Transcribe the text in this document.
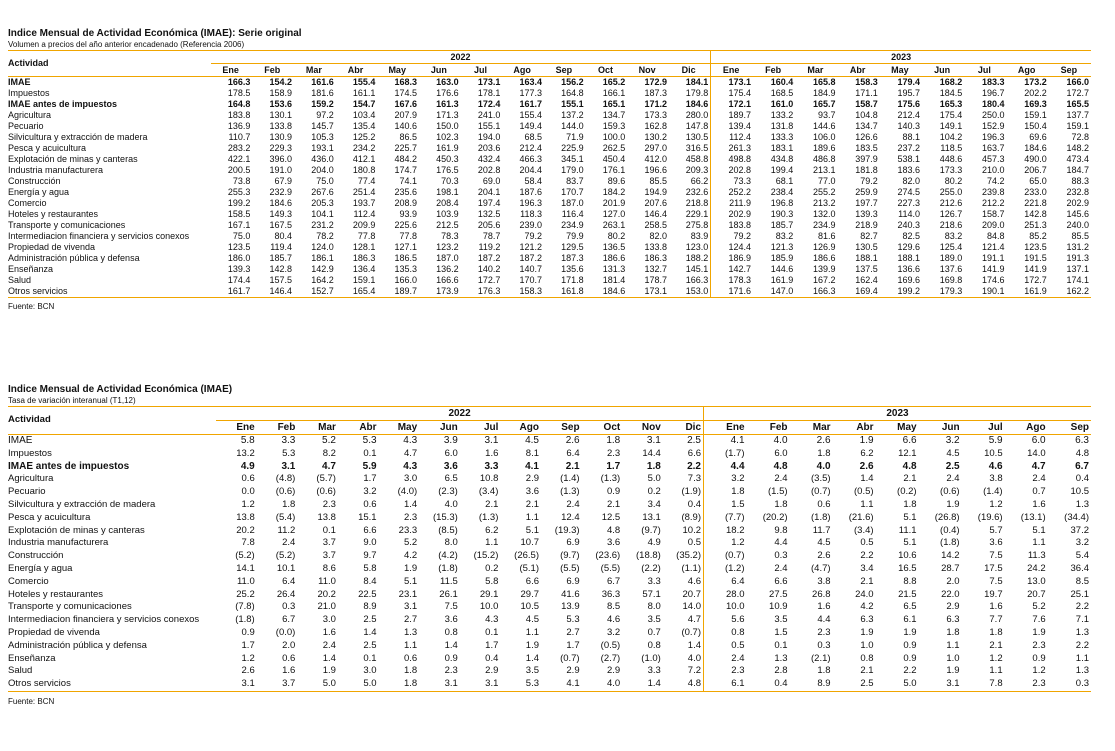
Indice Mensual de Actividad Económica (IMAE): Serie original
Volumen a precios del año anterior encadenado (Referencia 2006)
Actividad	2022												2023								
	Ene	Feb	Mar	Abr	May	Jun	Jul	Ago	Sep	Oct	Nov	Dic	Ene	Feb	Mar	Abr	May	Jun	Jul	Ago	Sep
IMAE	166.3	154.2	161.6	155.4	168.3	163.0	173.1	163.4	156.2	165.2	172.9	184.1	173.1	160.4	165.8	158.3	179.4	168.2	183.3	173.2	166.0
Impuestos	178.5	158.9	181.6	161.1	174.5	176.6	178.1	177.3	164.8	166.1	187.3	179.8	175.4	168.5	184.9	171.1	195.7	184.5	196.7	202.2	172.7
IMAE antes de impuestos	164.8	153.6	159.2	154.7	167.6	161.3	172.4	161.7	155.1	165.1	171.2	184.6	172.1	161.0	165.7	158.7	175.6	165.3	180.4	169.3	165.5
Agricultura	183.8	130.1	97.2	103.4	207.9	171.3	241.0	155.4	137.2	134.7	173.3	280.0	189.7	133.2	93.7	104.8	212.4	175.4	250.0	159.1	137.7
Pecuario	136.9	133.8	145.7	135.4	140.6	150.0	155.1	149.4	144.0	159.3	162.8	147.8	139.4	131.8	144.6	134.7	140.3	149.1	152.9	150.4	159.1
Silvicultura y extracción de madera	110.7	130.9	105.3	125.2	86.5	102.3	194.0	68.5	71.9	100.0	130.2	130.5	112.4	133.3	106.0	126.6	88.1	104.2	196.3	69.6	72.8
Pesca y acuicultura	283.2	229.3	193.1	234.2	225.7	161.9	203.6	212.4	225.9	262.5	297.0	316.5	261.3	183.1	189.6	183.5	237.2	118.5	163.7	184.6	148.2
Explotación de minas y canteras	422.1	396.0	436.0	412.1	484.2	450.3	432.4	466.3	345.1	450.4	412.0	458.8	498.8	434.8	486.8	397.9	538.1	448.6	457.3	490.0	473.4
Industria manufacturera	200.5	191.0	204.0	180.8	174.7	176.5	202.8	204.4	179.0	176.1	196.6	209.3	202.8	199.4	213.1	181.8	183.6	173.3	210.0	206.7	184.7
Construcción	73.8	67.9	75.0	77.4	74.1	70.3	69.0	58.4	83.7	89.6	85.5	66.2	73.3	68.1	77.0	79.2	82.0	80.2	74.2	65.0	88.3
Energía y agua	255.3	232.9	267.6	251.4	235.6	198.1	204.1	187.6	170.7	184.2	194.9	232.6	252.2	238.4	255.2	259.9	274.5	255.0	239.8	233.0	232.8
Comercio	199.2	184.6	205.3	193.7	208.9	208.4	197.4	196.3	187.0	201.9	207.6	218.8	211.9	196.8	213.2	197.7	227.3	212.6	212.2	221.8	202.9
Hoteles y restaurantes	158.5	149.3	104.1	112.4	93.9	103.9	132.5	118.3	116.4	127.0	146.4	229.1	202.9	190.3	132.0	139.3	114.0	126.7	158.7	142.8	145.6
Transporte y comunicaciones	167.1	167.5	231.2	209.9	225.6	212.5	205.6	239.0	234.9	263.1	258.5	275.8	183.8	185.7	234.9	218.9	240.3	218.6	209.0	251.3	240.0
Intermediacion financiera y servicios conexos	75.0	80.4	78.2	77.8	77.8	78.3	78.7	79.2	79.9	80.2	82.0	83.9	79.2	83.2	81.6	82.7	82.5	83.2	84.8	85.2	85.5
Propiedad de vivenda	123.5	119.4	124.0	128.1	127.1	123.2	119.2	121.2	129.5	136.5	133.8	123.0	124.4	121.3	126.9	130.5	129.6	125.4	121.4	123.5	131.2
Administración pública y defensa	186.0	185.7	186.1	186.3	186.5	187.0	187.2	187.2	187.3	186.6	186.3	188.2	186.9	185.9	186.6	188.1	188.1	189.0	191.1	191.5	191.3
Enseñanza	139.3	142.8	142.9	136.4	135.3	136.2	140.2	140.7	135.6	131.3	132.7	145.1	142.7	144.6	139.9	137.5	136.6	137.6	141.9	141.9	137.1
Salud	174.4	157.5	164.2	159.1	166.0	166.6	172.7	170.7	171.8	181.4	178.7	166.3	178.3	161.9	167.2	162.4	169.6	169.8	174.6	172.7	174.1
Otros servicios	161.7	146.4	152.7	165.4	189.7	173.9	176.3	158.3	161.8	184.6	173.1	153.0	171.6	147.0	166.3	169.4	199.2	179.3	190.1	161.9	162.2
Fuente: BCN
Indice Mensual de Actividad Económica (IMAE)
Tasa de variación interanual (T1,12)
Actividad	2022												2023								
	Ene	Feb	Mar	Abr	May	Jun	Jul	Ago	Sep	Oct	Nov	Dic	Ene	Feb	Mar	Abr	May	Jun	Jul	Ago	Sep
IMAE	5.8	3.3	5.2	5.3	4.3	3.9	3.1	4.5	2.6	1.8	3.1	2.5	4.1	4.0	2.6	1.9	6.6	3.2	5.9	6.0	6.3
Impuestos	13.2	5.3	8.2	0.1	4.7	6.0	1.6	8.1	6.4	2.3	14.4	6.6	(1.7)	6.0	1.8	6.2	12.1	4.5	10.5	14.0	4.8
IMAE antes de impuestos	4.9	3.1	4.7	5.9	4.3	3.6	3.3	4.1	2.1	1.7	1.8	2.2	4.4	4.8	4.0	2.6	4.8	2.5	4.6	4.7	6.7
Agricultura	0.6	(4.8)	(5.7)	1.7	3.0	6.5	10.8	2.9	(1.4)	(1.3)	5.0	7.3	3.2	2.4	(3.5)	1.4	2.1	2.4	3.8	2.4	0.4
Pecuario	0.0	(0.6)	(0.6)	3.2	(4.0)	(2.3)	(3.4)	3.6	(1.3)	0.9	0.2	(1.9)	1.8	(1.5)	(0.7)	(0.5)	(0.2)	(0.6)	(1.4)	0.7	10.5
Silvicultura y extracción de madera	1.2	1.8	2.3	0.6	1.4	4.0	2.1	2.1	2.4	2.1	3.4	0.4	1.5	1.8	0.6	1.1	1.8	1.9	1.2	1.6	1.3
Pesca y acuicultura	13.8	(5.4)	13.8	15.1	2.3	(15.3)	(1.3)	1.1	12.4	12.5	13.1	(8.9)	(7.7)	(20.2)	(1.8)	(21.6)	5.1	(26.8)	(19.6)	(13.1)	(34.4)
Explotación de minas y canteras	20.2	11.2	0.1	6.6	23.3	(8.5)	6.2	5.1	(19.3)	4.8	(9.7)	10.2	18.2	9.8	11.7	(3.4)	11.1	(0.4)	5.7	5.1	37.2
Industria manufacturera	7.8	2.4	3.7	9.0	5.2	8.0	1.1	10.7	6.9	3.6	4.9	0.5	1.2	4.4	4.5	0.5	5.1	(1.8)	3.6	1.1	3.2
Construcción	(5.2)	(5.2)	3.7	9.7	4.2	(4.2)	(15.2)	(26.5)	(9.7)	(23.6)	(18.8)	(35.2)	(0.7)	0.3	2.6	2.2	10.6	14.2	7.5	11.3	5.4
Energía y agua	14.1	10.1	8.6	5.8	1.9	(1.8)	0.2	(5.1)	(5.5)	(5.5)	(2.2)	(1.1)	(1.2)	2.4	(4.7)	3.4	16.5	28.7	17.5	24.2	36.4
Comercio	11.0	6.4	11.0	8.4	5.1	11.5	5.8	6.6	6.9	6.7	3.3	4.6	6.4	6.6	3.8	2.1	8.8	2.0	7.5	13.0	8.5
Hoteles y restaurantes	25.2	26.4	20.2	22.5	23.1	26.1	29.1	29.7	41.6	36.3	57.1	20.7	28.0	27.5	26.8	24.0	21.5	22.0	19.7	20.7	25.1
Transporte y comunicaciones	(7.8)	0.3	21.0	8.9	3.1	7.5	10.0	10.5	13.9	8.5	8.0	14.0	10.0	10.9	1.6	4.2	6.5	2.9	1.6	5.2	2.2
Intermediacion financiera y servicios conexos	(1.8)	6.7	3.0	2.5	2.7	3.6	4.3	4.5	5.3	4.6	3.5	4.7	5.6	3.5	4.4	6.3	6.1	6.3	7.7	7.6	7.1
Propiedad de vivenda	0.9	(0.0)	1.6	1.4	1.3	0.8	0.1	1.1	2.7	3.2	0.7	(0.7)	0.8	1.5	2.3	1.9	1.9	1.8	1.8	1.9	1.3
Administración pública y defensa	1.7	2.0	2.4	2.5	1.1	1.4	1.7	1.9	1.7	(0.5)	0.8	1.4	0.5	0.1	0.3	1.0	0.9	1.1	2.1	2.3	2.2
Enseñanza	1.2	0.6	1.4	0.1	0.6	0.9	0.4	1.4	(0.7)	(2.7)	(1.0)	4.0	2.4	1.3	(2.1)	0.8	0.9	1.0	1.2	0.9	1.1
Salud	2.6	1.6	1.9	3.0	1.8	2.3	2.9	3.5	2.9	2.9	3.3	7.2	2.3	2.8	1.8	2.1	2.2	1.9	1.1	1.2	1.3
Otros servicios	3.1	3.7	5.0	5.0	1.8	3.1	3.1	5.3	4.1	4.0	1.4	4.8	6.1	0.4	8.9	2.5	5.0	3.1	7.8	2.3	0.3
Fuente: BCN
